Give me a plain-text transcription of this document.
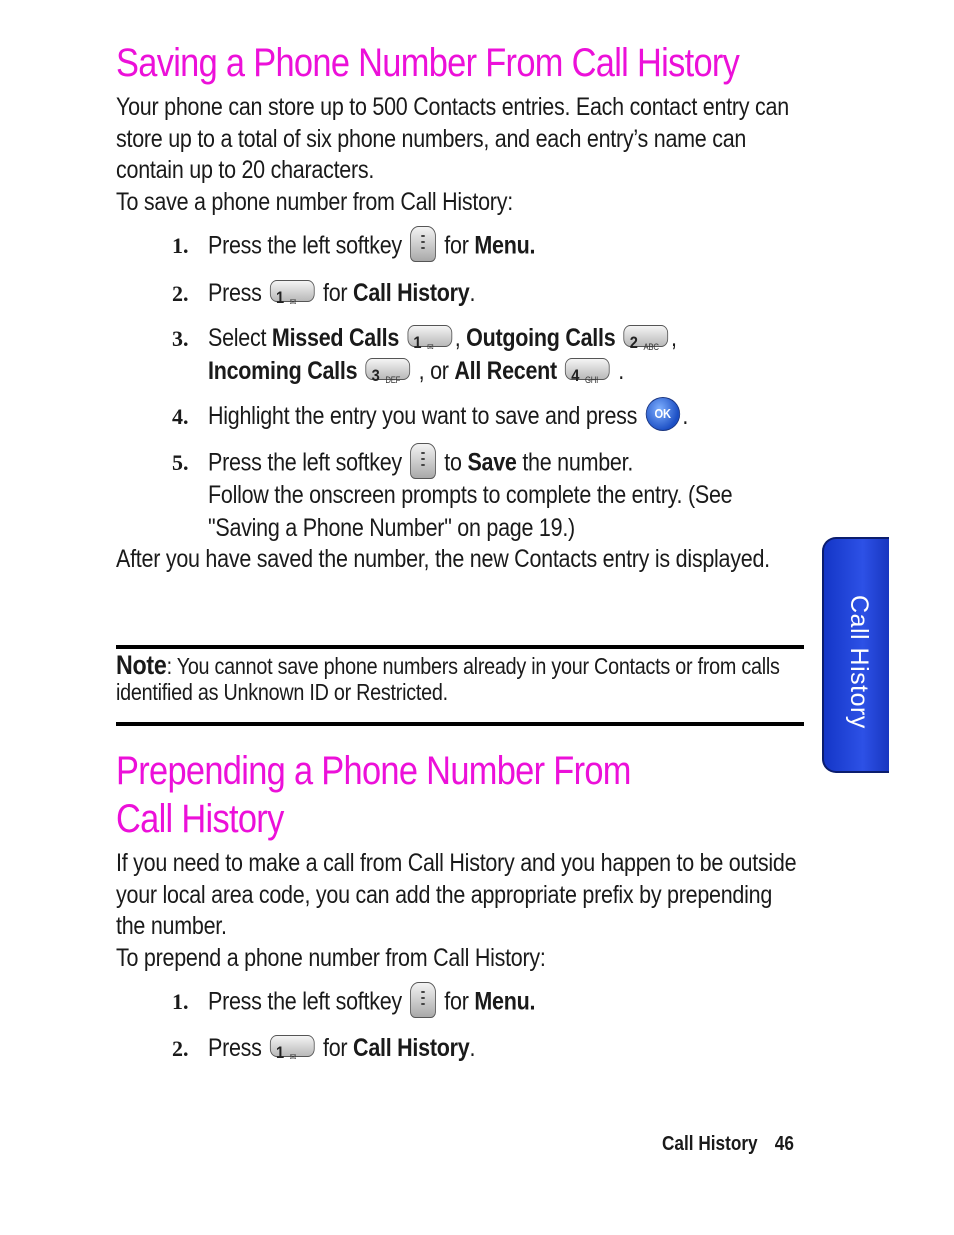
Saving a Phone Number From Call History

Your phone can store up to 500 Contacts entries. Each contact entry can store up to a total of six phone numbers, and each entry’s name can contain up to 20 characters.

To save a phone number from Call History:

1. Press the left softkey for Menu.
2. Press 1 ✉ for Call History.
3. Select Missed Calls 1 ✉ , Outgoing Calls 2 ABC ,
Incoming Calls 3 DEF , or All Recent 4 GHI .
4. Highlight the entry you want to save and press OK .
5. Press the left softkey to Save the number.
Follow the onscreen prompts to complete the entry. (See
"Saving a Phone Number" on page 19.)

After you have saved the number, the new Contacts entry is displayed.

Note: You cannot save phone numbers already in your Contacts or from calls identified as Unknown ID or Restricted.
Prepending a Phone Number From
Call History

If you need to make a call from Call History and you happen to be outside your local area code, you can add the appropriate prefix by prepending the number.

To prepend a phone number from Call History:

1. Press the left softkey for Menu.
2. Press 1 ✉ for Call History.
Call History
Call History 46
